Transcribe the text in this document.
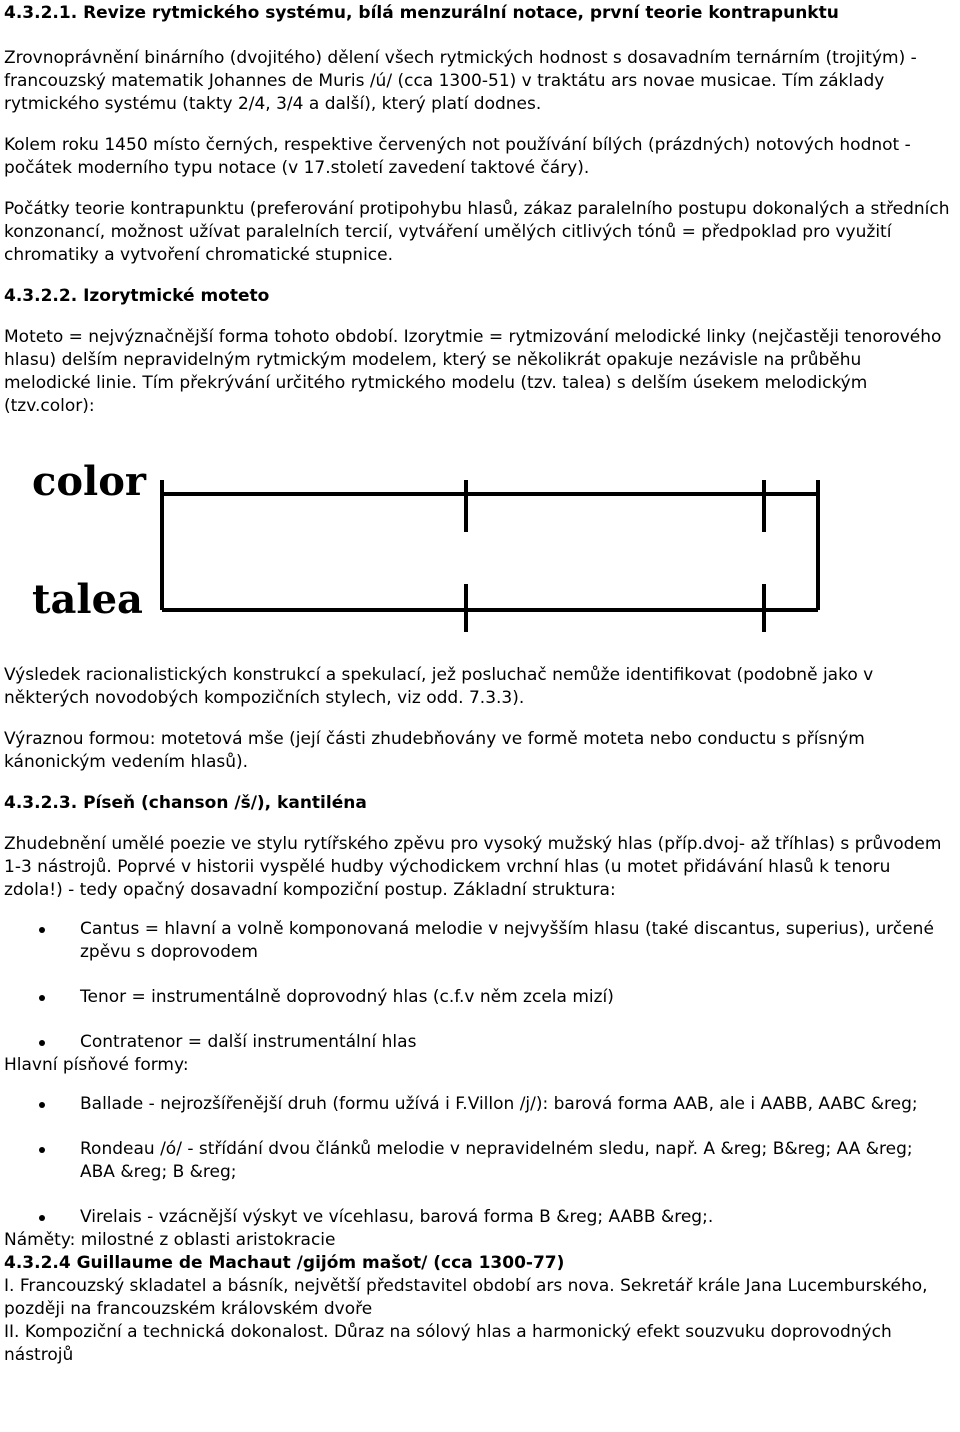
4.3.2.1. Revize rytmického systému, bílá menzurální notace, první teorie kontrapunktu

Zrovnoprávnění binárního (dvojitého) dělení všech rytmických hodnost s dosavadním ternárním (trojitým) - francouzský matematik Johannes de Muris /ú/ (cca 1300-51) v traktátu ars novae musicae. Tím základy rytmického systému (takty 2/4, 3/4 a další), který platí dodnes.

Kolem roku 1450 místo černých, respektive červených not používání bílých (prázdných) notových hodnot - počátek moderního typu notace (v 17.století zavedení taktové čáry).

Počátky teorie kontrapunktu (preferování protipohybu hlasů, zákaz paralelního postupu dokonalých a středních konzonancí, možnost užívat paralelních tercií, vytváření umělých citlivých tónů = předpoklad pro využití chromatiky a vytvoření chromatické stupnice.

4.3.2.2. Izorytmické moteto

Moteto = nejvýznačnější forma tohoto období. Izorytmie = rytmizování melodické linky (nejčastěji tenorového hlasu) delším nepravidelným rytmickým modelem, který se několikrát opakuje nezávisle na průběhu melodické linie. Tím překrývání určitého rytmického modelu (tzv. talea) s delším úsekem melodickým (tzv.color):

color
talea

Výsledek racionalistických konstrukcí a spekulací, jež posluchač nemůže identifikovat (podobně jako v některých novodobých kompozičních stylech, viz odd. 7.3.3).

Výraznou formou: motetová mše (její části zhudebňovány ve formě moteta nebo conductu s přísným kánonickým vedením hlasů).

4.3.2.3. Píseň (chanson /š/), kantiléna

Zhudebnění umělé poezie ve stylu rytířského zpěvu pro vysoký mužský hlas (příp.dvoj- až tříhlas) s průvodem 1-3 nástrojů. Poprvé v historii vyspělé hudby východickem vrchní hlas (u motet přidávání hlasů k tenoru zdola!) - tedy opačný dosavadní kompoziční postup. Základní struktura:

Cantus = hlavní a volně komponovaná melodie v nejvyšším hlasu (také discantus, superius), určené zpěvu s doprovodem
Tenor = instrumentálně doprovodný hlas (c.f.v něm zcela mizí)
Contratenor = další instrumentální hlas

Hlavní písňové formy:

Ballade - nejrozšířenější druh (formu užívá i F.Villon /j/): barová forma AAB, ale i AABB, AABC &reg;
Rondeau /ó/ - střídání dvou článků melodie v nepravidelném sledu, např. A &reg; B&reg; AA &reg; ABA &reg; B &reg;
Virelais - vzácnější výskyt ve vícehlasu, barová forma B &reg; AABB &reg;.

Náměty: milostné z oblasti aristokracie

4.3.2.4 Guillaume de Machaut /gijóm mašot/ (cca 1300-77)

I. Francouzský skladatel a básník, největší představitel období ars nova. Sekretář krále Jana Lucemburského, později na francouzském královském dvoře

II. Kompoziční a technická dokonalost. Důraz na sólový hlas a harmonický efekt souzvuku doprovodných nástrojů
